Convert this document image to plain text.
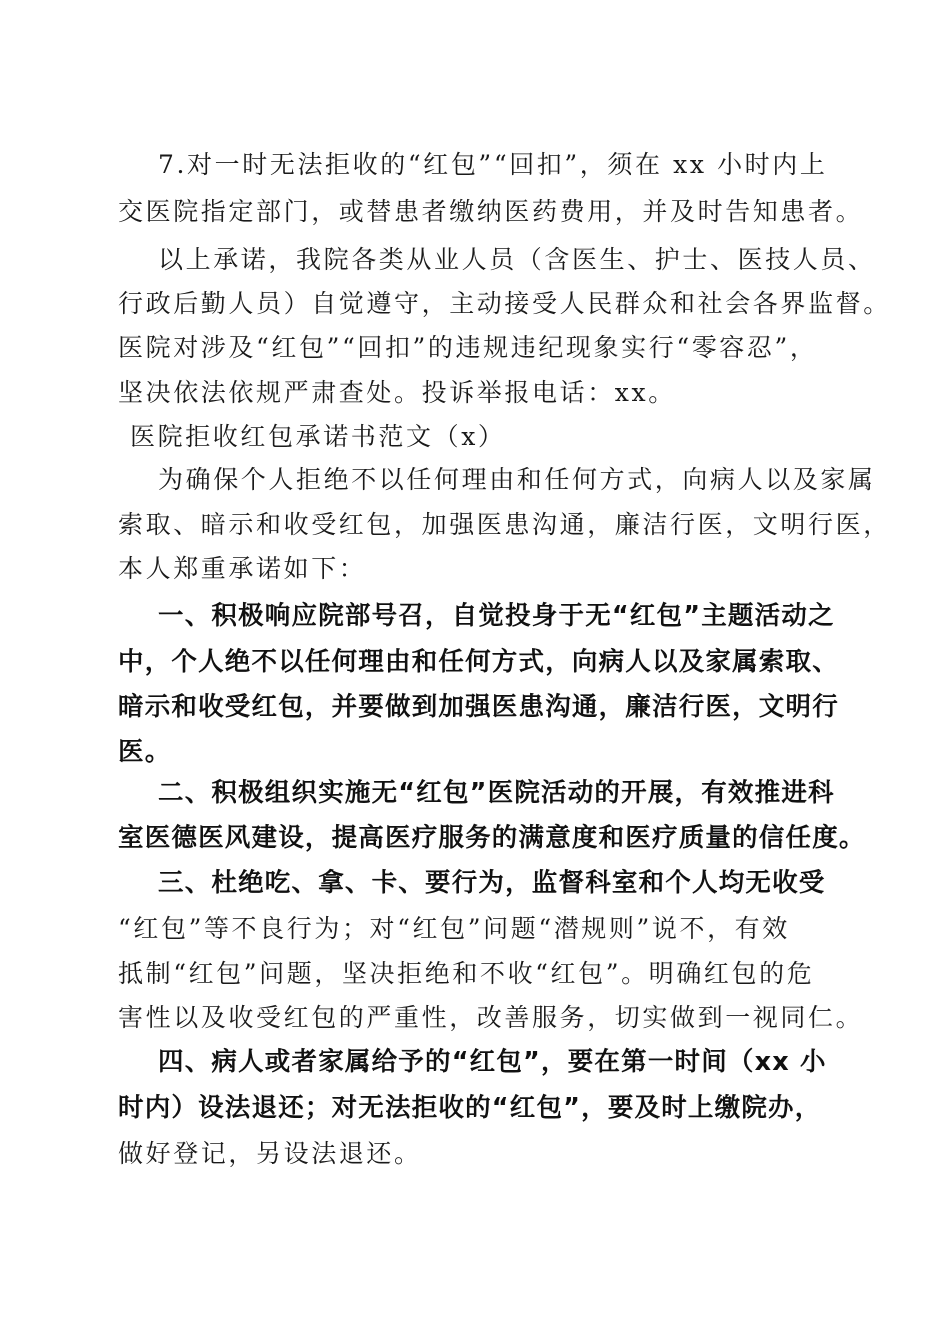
7.对一时无法拒收的“红包”“回扣”，须在 xx 小时内上
交医院指定部门，或替患者缴纳医药费用，并及时告知患者。
以上承诺，我院各类从业人员（含医生、护士、医技人员、
行政后勤人员）自觉遵守，主动接受人民群众和社会各界监督。
医院对涉及“红包”“回扣”的违规违纪现象实行“零容忍”，
坚决依法依规严肃查处。投诉举报电话：xx。
医院拒收红包承诺书范文（x）
为确保个人拒绝不以任何理由和任何方式，向病人以及家属
索取、暗示和收受红包，加强医患沟通，廉洁行医，文明行医，
本人郑重承诺如下：
一、积极响应院部号召，自觉投身于无“红包”主题活动之
中，个人绝不以任何理由和任何方式，向病人以及家属索取、
暗示和收受红包，并要做到加强医患沟通，廉洁行医，文明行
医。
二、积极组织实施无“红包”医院活动的开展，有效推进科
室医德医风建设，提高医疗服务的满意度和医疗质量的信任度。
三、杜绝吃、拿、卡、要行为，监督科室和个人均无收受
“红包”等不良行为；对“红包”问题“潜规则”说不，有效
抵制“红包”问题，坚决拒绝和不收“红包”。明确红包的危
害性以及收受红包的严重性，改善服务，切实做到一视同仁。
四、病人或者家属给予的“红包”，要在第一时间（xx 小
时内）设法退还；对无法拒收的“红包”，要及时上缴院办，
做好登记，另设法退还。
